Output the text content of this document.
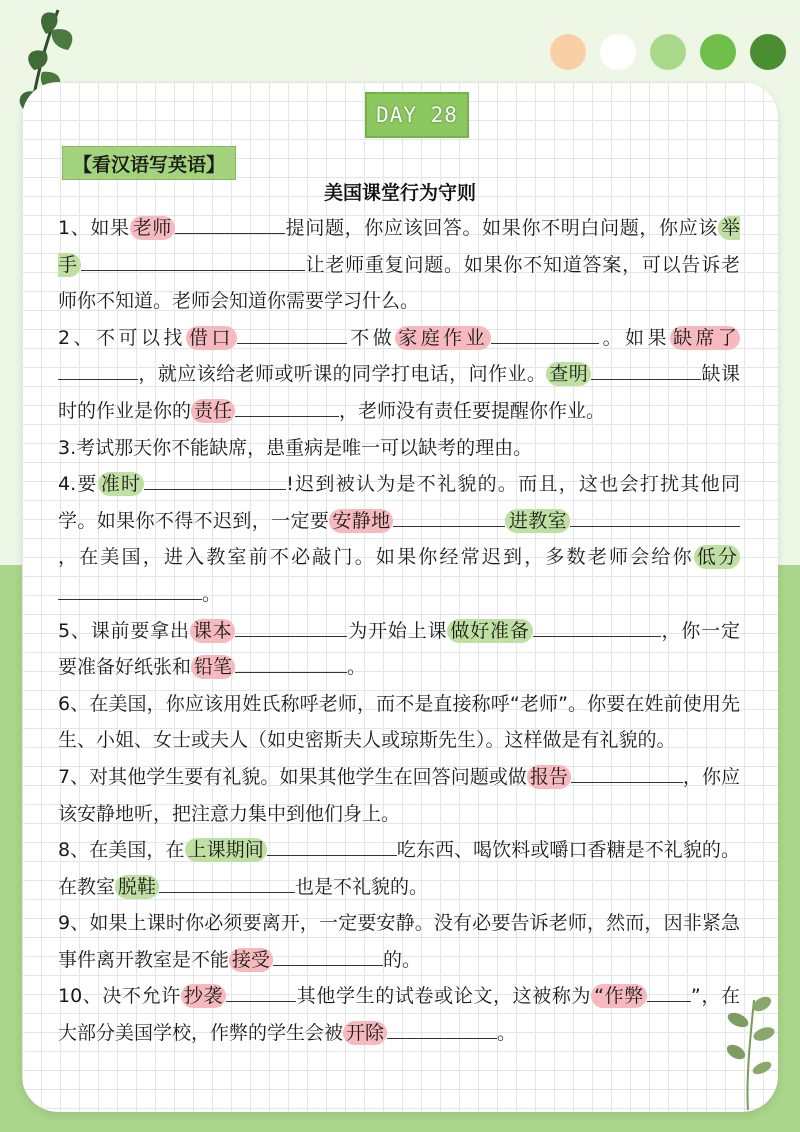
DAY 28
【看汉语写英语】
美国课堂行为守则

1、如果 老师	提问题，你应该回答。如果你不明白问题，你应该 举手	让老师重复问题。如果你不知道答案，可以告诉老师你不知道。老师会知道你需要学习什么。

2、不可以找 借口	不做 家庭作业	。如果 缺席了，就应该给老师或听课的同学打电话，问作业。 查明	缺课时的作业是你的 责任	，老师没有责任要提醒你作业。

3.考试那天你不能缺席，患重病是唯一可以缺考的理由。

4.要 准时	!迟到被认为是不礼貌的。而且，这也会打扰其他同学。如果你不得不迟到，一定要 安静地	进教室，在美国，进入教室前不必敲门。如果你经常迟到，多数老师会给你 低分。

5、课前要拿出 课本	为开始上课 做好准备	，你一定要准备好纸张和 铅笔	。

6、在美国，你应该用姓氏称呼老师，而不是直接称呼“老师”。你要在姓前使用先生、小姐、女士或夫人（如史密斯夫人或琼斯先生）。这样做是有礼貌的。

7、对其他学生要有礼貌。如果其他学生在回答问题或做 报告	，你应该安静地听，把注意力集中到他们身上。

8、在美国，在 上课期间	吃东西、喝饮料或嚼口香糖是不礼貌的。在教室 脱鞋	也是不礼貌的。

9、如果上课时你必须要离开，一定要安静。没有必要告诉老师，然而，因非紧急事件离开教室是不能 接受	的。

10、决不允许 抄袭	其他学生的试卷或论文，这被称为 “作弊 ”，在大部分美国学校，作弊的学生会被 开除	。
